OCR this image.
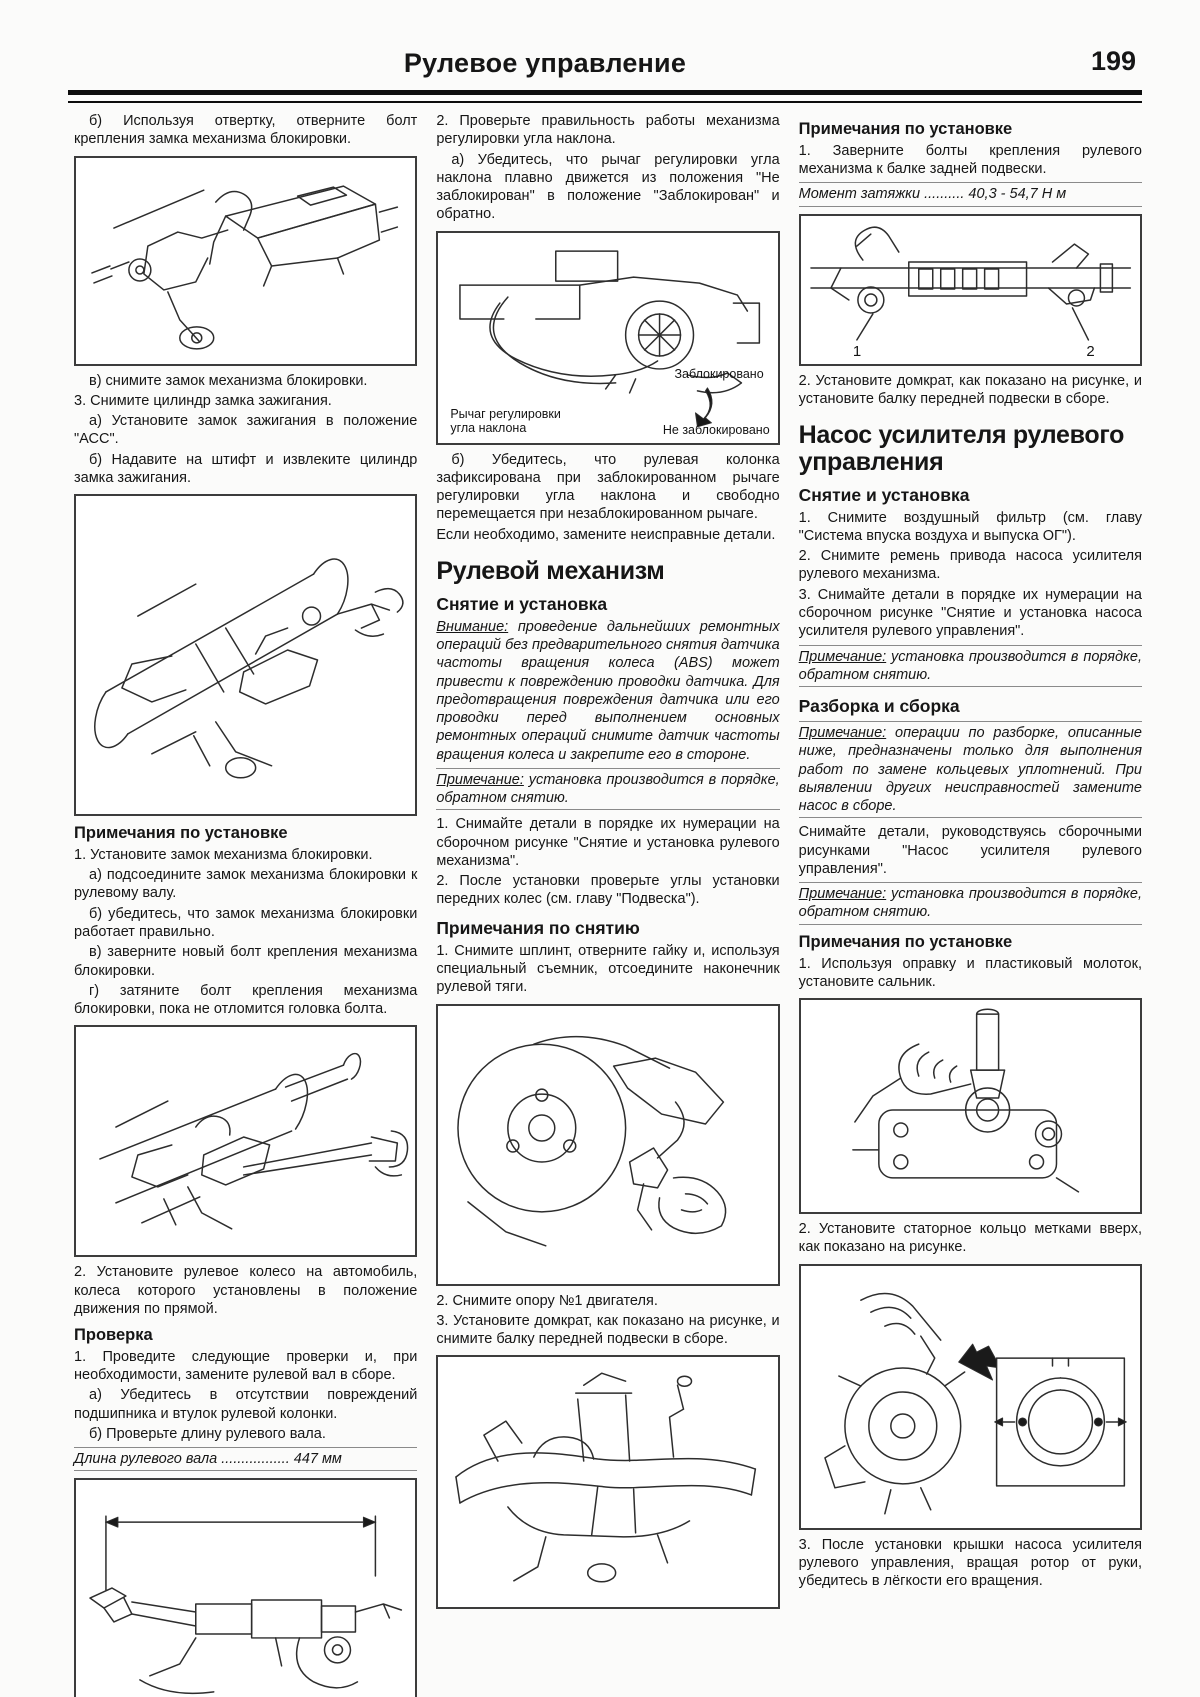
Рулевое управление	199

б) Используя отвертку, отверните болт крепления замка механизма блокировки.

в) снимите замок механизма блокировки.

3. Снимите цилиндр замка зажигания.

а) Установите замок зажигания в положение "АСС".

б) Надавите на штифт и извлеките цилиндр замка зажигания.

Примечания по установке

1. Установите замок механизма блокировки.

а) подсоедините замок механизма блокировки к рулевому валу.

б) убедитесь, что замок механизма блокировки работает правильно.

в) заверните новый болт крепления механизма блокировки.

г) затяните болт крепления механизма блокировки, пока не отломится головка болта.

2. Установите рулевое колесо на автомобиль, колеса которого установлены в положение движения по прямой.

Проверка

1. Проведите следующие проверки и, при необходимости, замените рулевой вал в сборе.

а) Убедитесь в отсутствии повреждений подшипника и втулок рулевой колонки.

б) Проверьте длину рулевого вала.

Длина рулевого вала ................. 447 мм

2. Проверьте правильность работы механизма регулировки угла наклона.

а) Убедитесь, что рычаг регулировки угла наклона плавно движется из положения "Не заблокирован" в положение "Заблокирован" и обратно.

Заблокировано
Рычаг регулировки угла наклона	Не заблокировано

б) Убедитесь, что рулевая колонка зафиксирована при заблокированном рычаге регулировки угла наклона и свободно перемещается при незаблокированном рычаге.

Если необходимо, замените неисправные детали.

Рулевой механизм
Снятие и установка

Внимание: проведение дальнейших ремонтных операций без предварительного снятия датчика частоты вращения колеса (ABS) может привести к повреждению проводки датчика. Для предотвращения повреждения датчика или его проводки перед выполнением основных ремонтных операций снимите датчик частоты вращения колеса и закрепите его в стороне.

Примечание: установка производится в порядке, обратном снятию.

1. Снимайте детали в порядке их нумерации на сборочном рисунке "Снятие и установка рулевого механизма".

2. После установки проверьте углы установки передних колес (см. главу "Подвеска").

Примечания по снятию

1. Снимите шплинт, отверните гайку и, используя специальный съемник, отсоедините наконечник рулевой тяги.

2. Снимите опору №1 двигателя.

3. Установите домкрат, как показано на рисунке, и снимите балку передней подвески в сборе.

Примечания по установке

1. Заверните болты крепления рулевого механизма к балке задней подвески.

Момент затяжки .......... 40,3 - 54,7 Н м
1	2

2. Установите домкрат, как показано на рисунке, и установите балку передней подвески в сборе.

Насос усилителя рулевого управления
Снятие и установка

1. Снимите воздушный фильтр (см. главу "Система впуска воздуха и выпуска ОГ").

2. Снимите ремень привода насоса усилителя рулевого механизма.

3. Снимайте детали в порядке их нумерации на сборочном рисунке "Снятие и установка насоса усилителя рулевого управления".

Примечание: установка производится в порядке, обратном снятию.

Разборка и сборка

Примечание: операции по разборке, описанные ниже, предназначены только для выполнения работ по замене кольцевых уплотнений. При выявлении других неисправностей замените насос в сборе.

Снимайте детали, руководствуясь сборочными рисунками "Насос усилителя рулевого управления".

Примечание: установка производится в порядке, обратном снятию.

Примечания по установке

1. Используя оправку и пластиковый молоток, установите сальник.

2. Установите статорное кольцо метками вверх, как показано на рисунке.

3. После установки крышки насоса усилителя рулевого управления, вращая ротор от руки, убедитесь в лёгкости его вращения.
